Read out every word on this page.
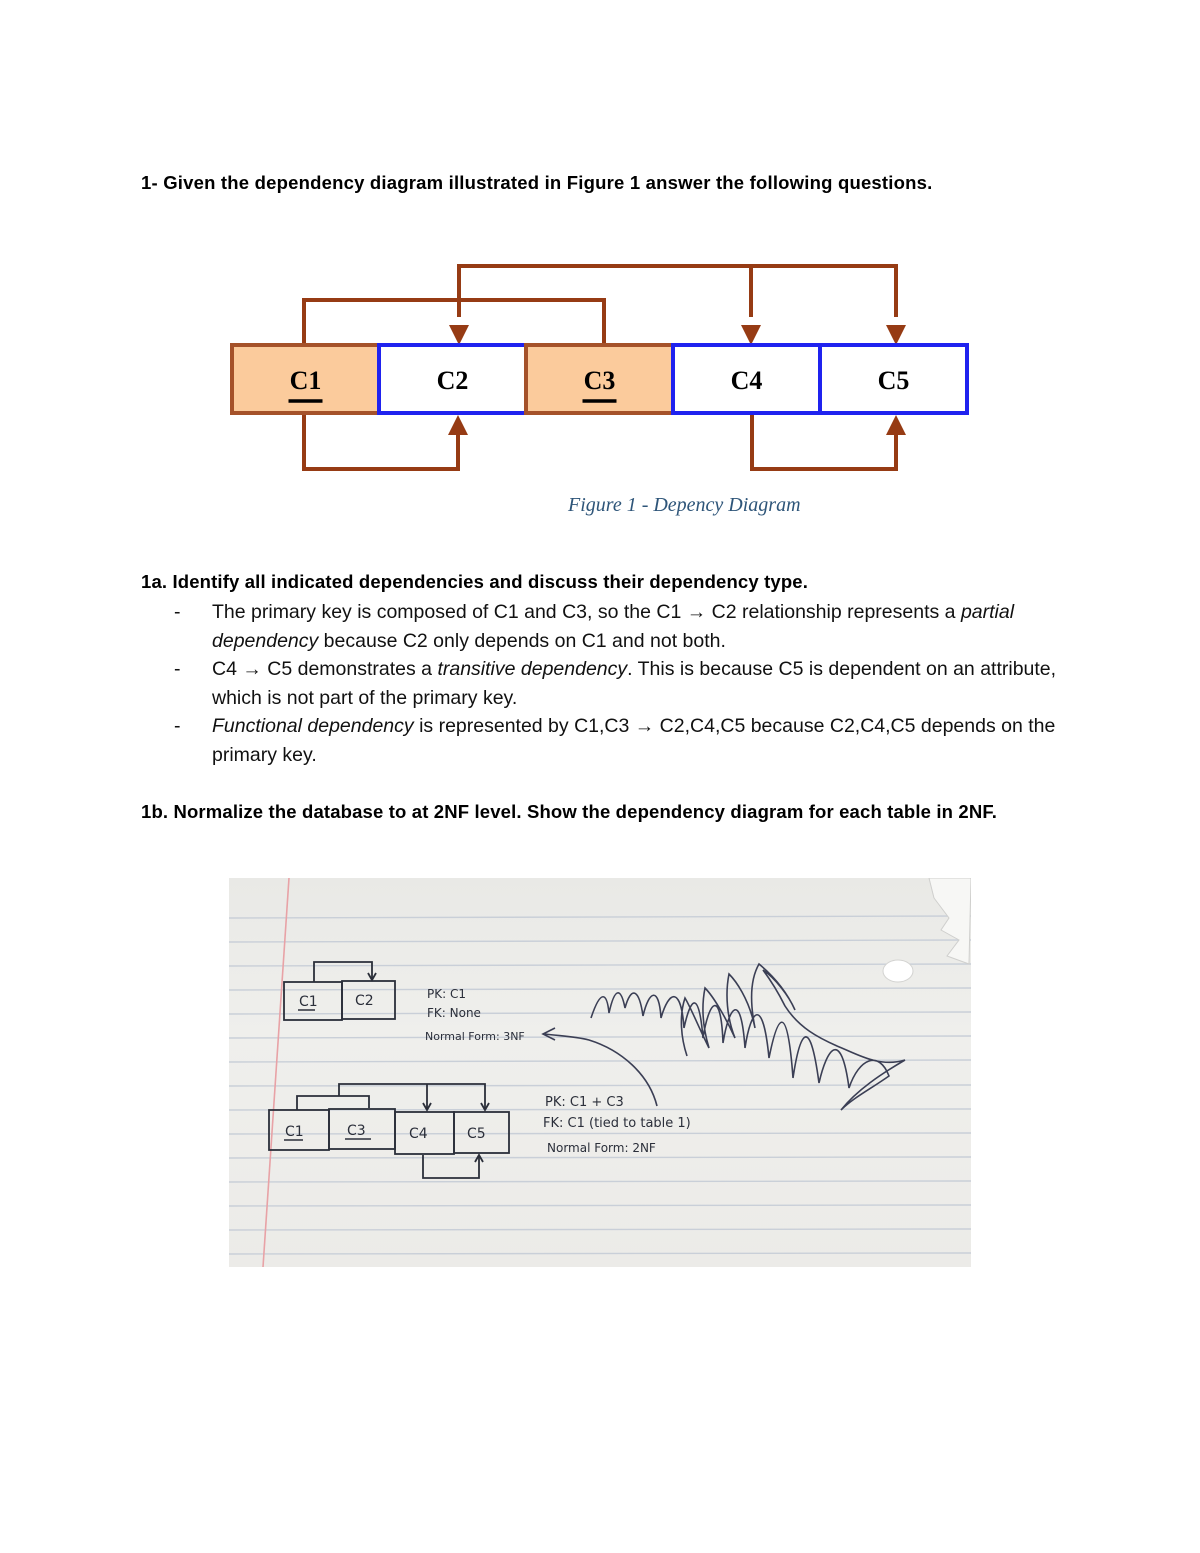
1- Given the dependency diagram illustrated in Figure 1 answer the following questions.

C1	C2	C3	C4	C5
Figure 1 - Depency Diagram

1a. Identify all indicated dependencies and discuss their dependency type.

- The primary key is composed of C1 and C3, so the C1 → C2 relationship represents a partial dependency because C2 only depends on C1 and not both.
- C4 → C5 demonstrates a transitive dependency. This is because C5 is dependent on an attribute, which is not part of the primary key.
- Functional dependency is represented by C1,C3 → C2,C4,C5 because C2,C4,C5 depends on the primary key.

1b. Normalize the database to at 2NF level. Show the dependency diagram for each table in 2NF.

C1	C2	PK: C1
FK: None
Normal Form: 3NF
C1	C3	C4	C5
PK: C1 + C3
FK: C1 (tied to table 1)
Normal Form: 2NF
